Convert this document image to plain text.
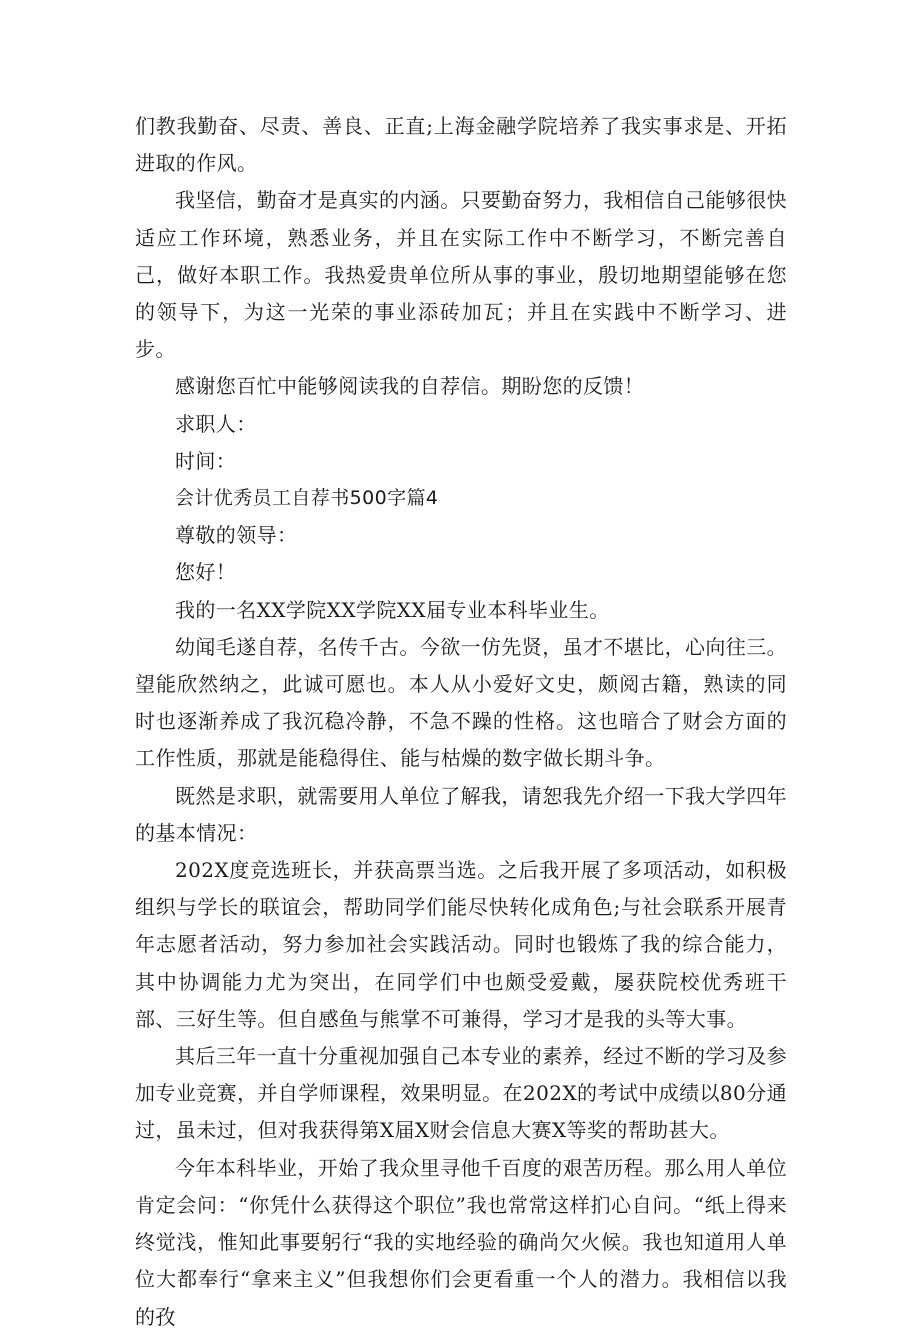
们教我勤奋、尽责、善良、正直;上海金融学院培养了我实事求是、开拓进取的作风。

我坚信，勤奋才是真实的内涵。只要勤奋努力，我相信自己能够很快适应工作环境，熟悉业务，并且在实际工作中不断学习，不断完善自己，做好本职工作。我热爱贵单位所从事的事业，殷切地期望能够在您的领导下，为这一光荣的事业添砖加瓦；并且在实践中不断学习、进步。

感谢您百忙中能够阅读我的自荐信。期盼您的反馈！

求职人：

时间：

会计优秀员工自荐书500字篇4

尊敬的领导：

您好！

我的一名XX学院XX学院XX届专业本科毕业生。

幼闻毛遂自荐，名传千古。今欲一仿先贤，虽才不堪比，心向往三。望能欣然纳之，此诚可愿也。本人从小爱好文史，颇阅古籍，熟读的同时也逐渐养成了我沉稳冷静，不急不躁的性格。这也暗合了财会方面的工作性质，那就是能稳得住、能与枯燥的数字做长期斗争。

既然是求职，就需要用人单位了解我，请恕我先介绍一下我大学四年的基本情况：

202X度竞选班长，并获高票当选。之后我开展了多项活动，如积极组织与学长的联谊会，帮助同学们能尽快转化成角色;与社会联系开展青年志愿者活动，努力参加社会实践活动。同时也锻炼了我的综合能力，其中协调能力尤为突出，在同学们中也颇受爱戴，屡获院校优秀班干部、三好生等。但自感鱼与熊掌不可兼得，学习才是我的头等大事。

其后三年一直十分重视加强自己本专业的素养，经过不断的学习及参加专业竞赛，并自学师课程，效果明显。在202X的考试中成绩以80分通过，虽未过，但对我获得第X届X财会信息大赛X等奖的帮助甚大。

今年本科毕业，开始了我众里寻他千百度的艰苦历程。那么用人单位肯定会问：“你凭什么获得这个职位”我也常常这样扪心自问。“纸上得来终觉浅，惟知此事要躬行“我的实地经验的确尚欠火候。我也知道用人单位大都奉行“拿来主义”但我想你们会更看重一个人的潜力。我相信以我的孜
